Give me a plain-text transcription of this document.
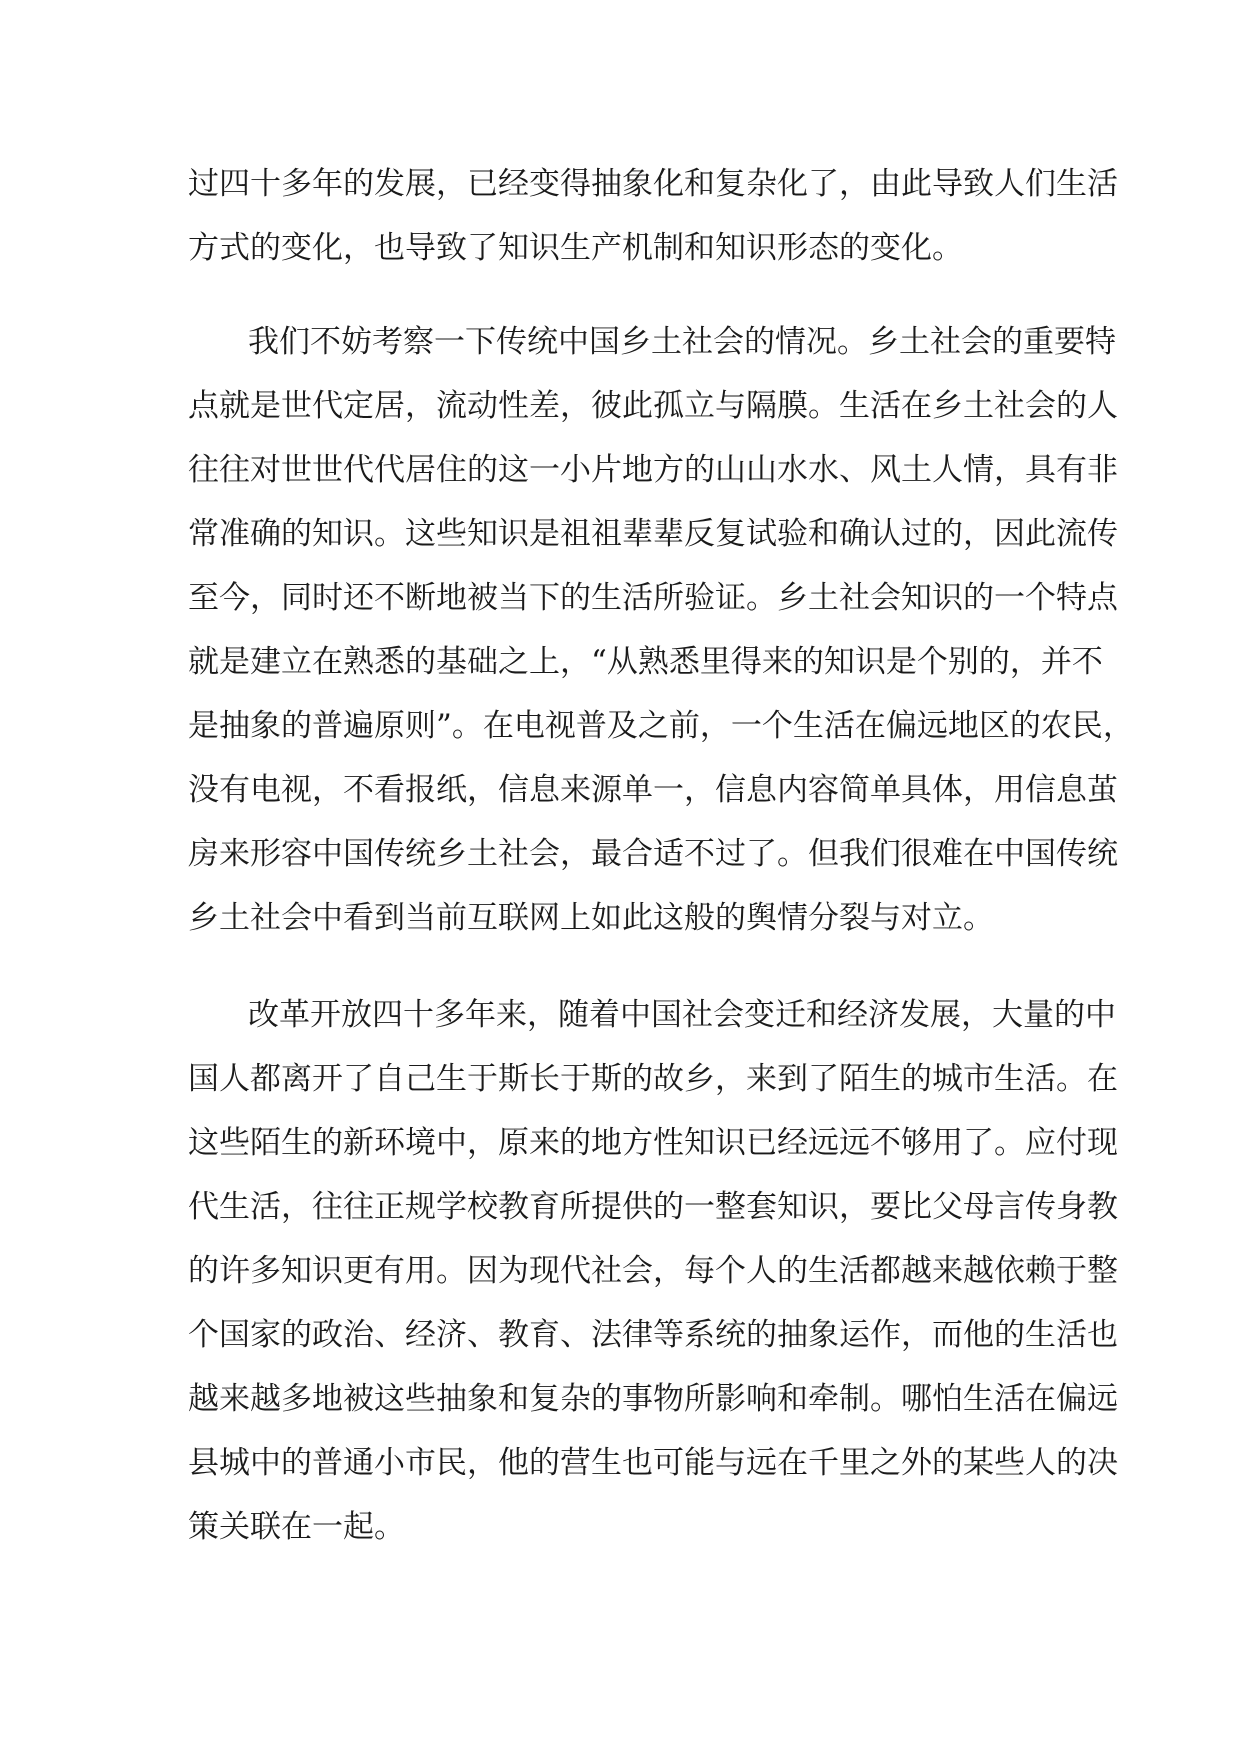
过四十多年的发展，已经变得抽象化和复杂化了，由此导致人们生活
方式的变化，也导致了知识生产机制和知识形态的变化。
我们不妨考察一下传统中国乡土社会的情况。乡土社会的重要特
点就是世代定居，流动性差，彼此孤立与隔膜。生活在乡土社会的人
往往对世世代代居住的这一小片地方的山山水水、风土人情，具有非
常准确的知识。这些知识是祖祖辈辈反复试验和确认过的，因此流传
至今，同时还不断地被当下的生活所验证。乡土社会知识的一个特点
就是建立在熟悉的基础之上，“从熟悉里得来的知识是个别的，并不
是抽象的普遍原则”。在电视普及之前，一个生活在偏远地区的农民，
没有电视，不看报纸，信息来源单一，信息内容简单具体，用信息茧
房来形容中国传统乡土社会，最合适不过了。但我们很难在中国传统
乡土社会中看到当前互联网上如此这般的舆情分裂与对立。
改革开放四十多年来，随着中国社会变迁和经济发展，大量的中
国人都离开了自己生于斯长于斯的故乡，来到了陌生的城市生活。在
这些陌生的新环境中，原来的地方性知识已经远远不够用了。应付现
代生活，往往正规学校教育所提供的一整套知识，要比父母言传身教
的许多知识更有用。因为现代社会，每个人的生活都越来越依赖于整
个国家的政治、经济、教育、法律等系统的抽象运作，而他的生活也
越来越多地被这些抽象和复杂的事物所影响和牵制。哪怕生活在偏远
县城中的普通小市民，他的营生也可能与远在千里之外的某些人的决
策关联在一起。
